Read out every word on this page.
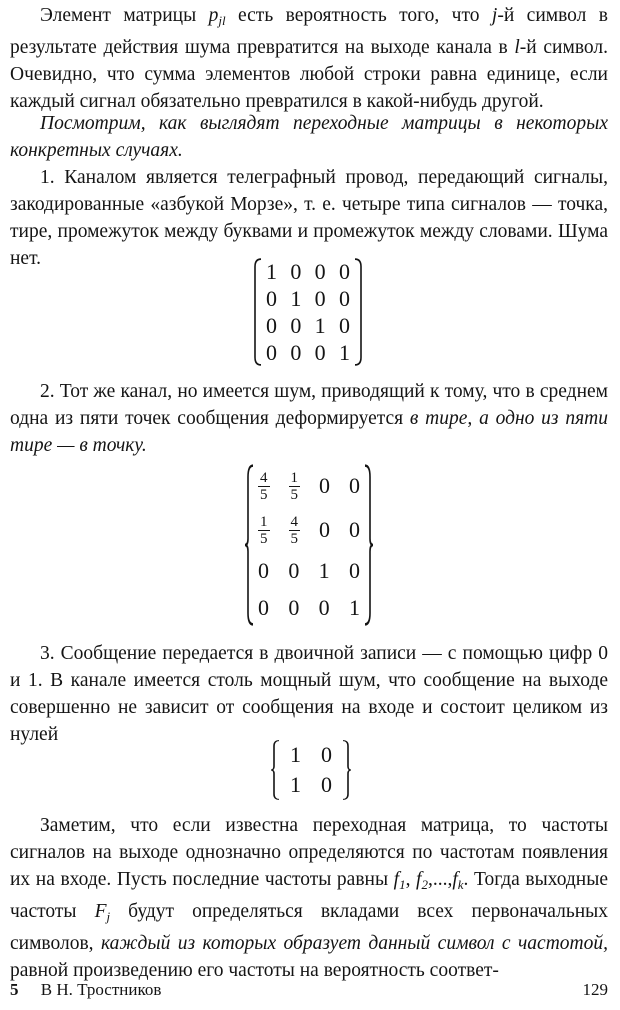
Элемент матрицы $p_{jl}$ есть вероятность того, что j-й символ в результате действия шума превратится на выходе канала в l-й символ. Очевидно, что сумма элементов любой строки равна единице, если каждый сигнал обязательно превратился в какой-нибудь другой.

Посмотрим, как выглядят переходные матрицы в некоторых конкретных случаях.

1. Каналом является телеграфный провод, передающий сигналы, закодированные «азбукой Морзе», т. е. четыре типа сигналов — точка, тире, промежуток между буквами и промежуток между словами. Шума нет.	1 0 0 0
0 1 0 0
0 0 1 0
0 0 0 1

2. Тот же канал, но имеется шум, приводящий к тому, что в среднем одна из пяти точек сообщения деформируется в тире, а одно из пяти тире — в точку.

$\frac{4}{5} \frac{1}{5} 0$ 0
$\frac{1}{5} \frac{4}{5} 0$ 0
0 0 1 0
0 0 0 1

3. Сообщение передается в двоичной записи — с помощью цифр 0 и 1. В канале имеется столь мощный шум, что сообщение на выходе совершенно не зависит от сообщения на входе и состоит целиком из нулей

1 0
1 0

Заметим, что если известна переходная матрица, то частоты сигналов на выходе однозначно определяются по частотам появления их на входе. Пусть последние частоты равны $f_1$, $f_2,...,f_k$. Тогда выходные частоты $F_j$ будут определяться вкладами всех первоначальных символов, каждый из которых образует данный символ с частотой, равной произведению его частоты на вероятность соответ-

5 В Н. Тростников	129
